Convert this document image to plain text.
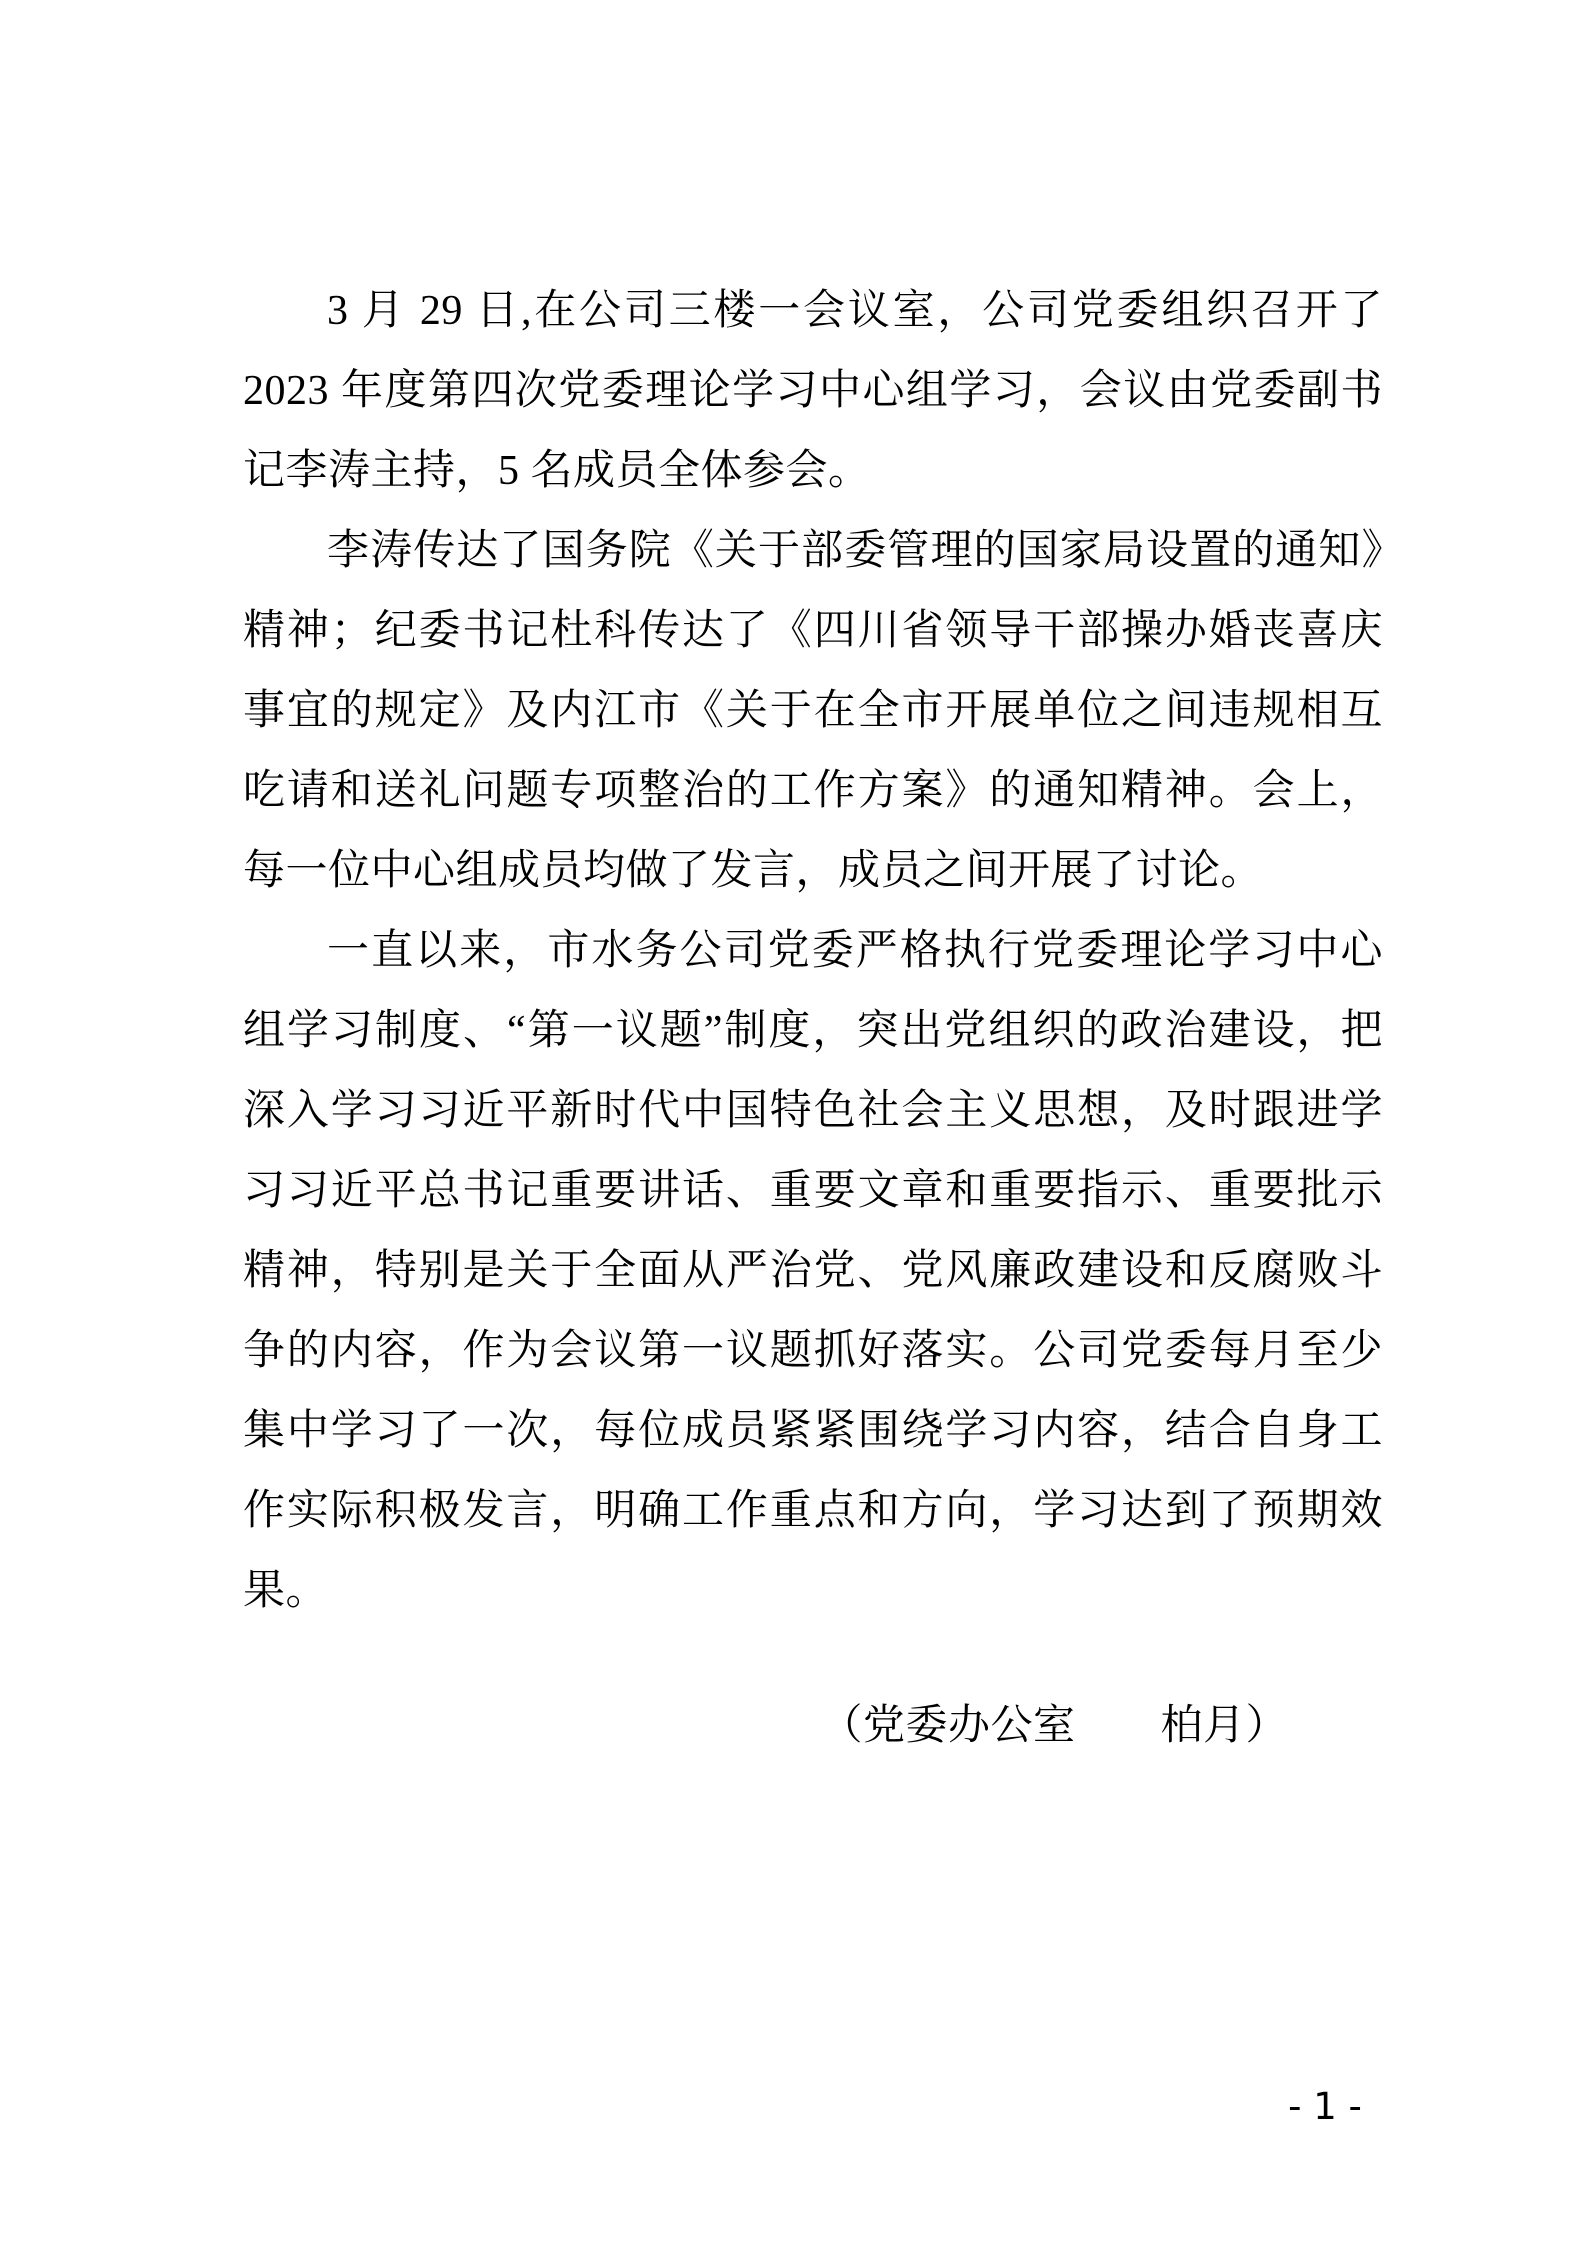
3 月 29 日,在公司三楼一会议室，公司党委组织召开了 2023 年度第四次党委理论学习中心组学习，会议由党委副书记李涛主持，5 名成员全体参会。

李涛传达了国务院《关于部委管理的国家局设置的通知》精神；纪委书记杜科传达了《四川省领导干部操办婚丧喜庆事宜的规定》及内江市《关于在全市开展单位之间违规相互吃请和送礼问题专项整治的工作方案》的通知精神。会上，每一位中心组成员均做了发言，成员之间开展了讨论。

一直以来，市水务公司党委严格执行党委理论学习中心组学习制度、“第一议题”制度，突出党组织的政治建设，把深入学习习近平新时代中国特色社会主义思想，及时跟进学习习近平总书记重要讲话、重要文章和重要指示、重要批示精神，特别是关于全面从严治党、党风廉政建设和反腐败斗争的内容，作为会议第一议题抓好落实。公司党委每月至少集中学习了一次，每位成员紧紧围绕学习内容，结合自身工作实际积极发言，明确工作重点和方向，学习达到了预期效果。

（党委办公室　　柏月）

- 1 -
